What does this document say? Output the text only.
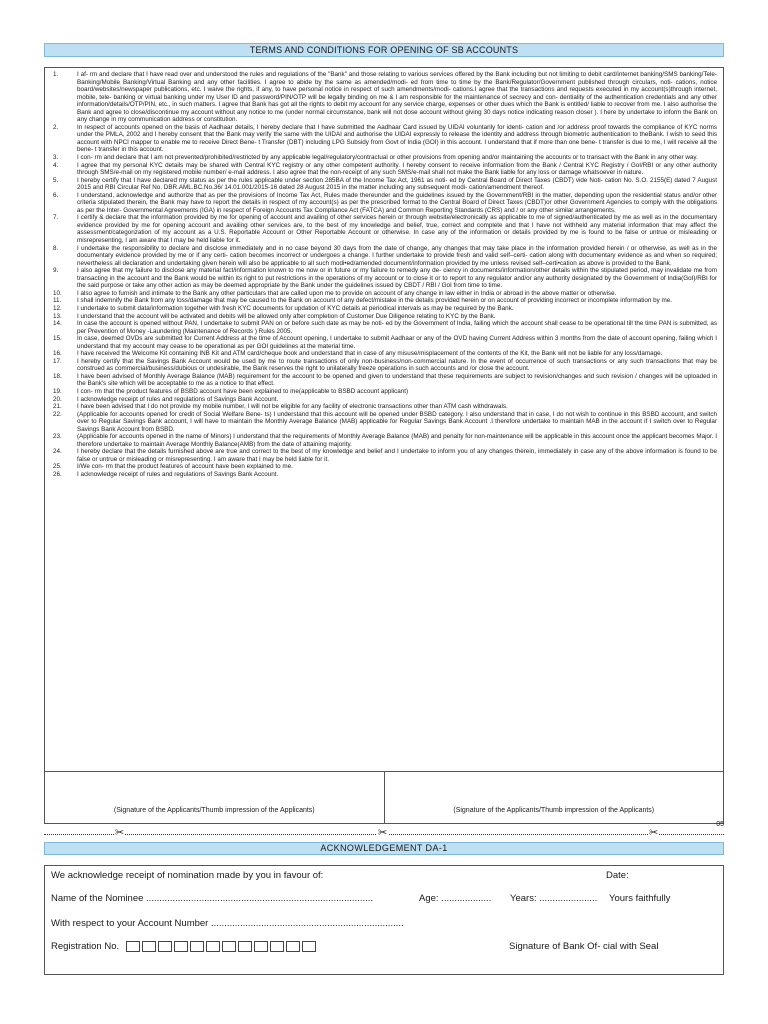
TERMS AND CONDITIONS FOR OPENING OF SB ACCOUNTS
1.	I af- rm and declare that I have read over and understood the rules and regulations of the "Bank" and those relating to various services offered by the Bank including but not limiting to debit card/internet banking/SMS banking/Tele-Banking/Mobile Banking/Virtual Banking and any other facilities. I agree to abide by the same as amended/modi- ed from time to time by the Bank/Regulator/Government published through circulars, noti- cations, notice board/websites/newspaper publications, etc. I waive the rights, if any, to have personal notice in respect of such amendments/modi- cations.I agree that the transactions and requests executed in my account(s)through internet, mobile, tele- banking or virtual banking under my User ID and password/PIN/OTP will be legally binding on me & I am responsible for the maintenance of secrecy and con- dentiality of the authentication credentials and any other information/details/OTP/PIN, etc., in such matters. I agree that Bank has got all the rights to debit my account for any service charge, expenses or other dues which the Bank is entitled/ liable to recover from me. I also authorise the Bank and agree to close/discontinue my account without any notice to me (under normal circumstance, bank will not dose account without giving 30 days notice indicating reason closer ). I here by undertake to inform the Bank on any change in my communication address or constitution.
2.	In respect of accounts opened on the basis of Aadhaar details, I hereby declare that I have submitted the Aadhaar Card issued by UIDAI voluntarily for identi- cation and /or address proof towards the compliance of KYC norms under the PMLA, 2002 and I hereby consent that the Bank may verify the same with the UIDAI and authorise the UIDAI expressly to release the identity and address through biometric authentication to theBank. I wish to seed this account with NPCI mapper to enable me to receive Direct Bene- t Transfer (DBT) including LPG Subsidy from Govt of India (GOI) in this account. I understand that if more than one bene- t transfer is due to me, I will receive all the bene- t transfer in this account.
3.	I con- rm and declare that I am not prevented/prohibited/restricted by any applicable legal/regulatory/contractual or other provisions from opening and/or maintaining the accounts or to transact with the Bank in any other way.
4.	I agree that my personal KYC details may be shared with Central KYC registry or any other competent authority. I hereby consent to receive information from the Bank / Central KYC Registry / GoI/RBI or any other authority through SMS/e-mail on my registered mobile number/ e-mail address. I also agree that the non-receipt of any such SMS/e-mail shall not make the Bank liable for any loss or damage whatsoever in nature.
5.	I hereby certify that I have declared my status as per the rules applicable under section 285BA of the Income Tax Act, 1961 as noti- ed by Central Board of Direct Taxes (CBDT) vide Noti- cation No. S.O. 2155(E) dated 7 August 2015 and RBI Circular Ref No. DBR.AML.BC.No.36/ 14.01.001/2015-16 dated 28 August 2015 in the matter including any subsequent modi- cation/amendment thereof.
6.	I understand, acknowledge and authorize that as per the provisions of Income Tax Act, Rules made thereunder and the guidelines issued by the Government/RBI in the matter, depending upon the residential status and/or other criteria stipulated therein, the Bank may have to report the details in respect of my account(s) as per the prescribed format to the Central Board of Direct Taxes (CBDT)or other Government Agencies to comply with the obligations as per the Inter- Governmental Agreements (IGA) in respect of Foreign Accounts Tax Compliance Act (FATCA) and Common Reporting Standards (CRS) and / or any other similar arrangements.
7.	I certify & declare that the information provided by me for opening of account and availing of other services herein or through website/electronically as applicable to me of signed/authenticated by me as well as in the documentary evidence provided by me for opening account and availing other services are, to the best of my knowledge and belief, true, correct and complete and that I have not withheld any material information that may affect the assessment/categorization of my account as a U.S. Reportable Account or Other Reportable Account or otherwise. In case any of the information or details provided by me is found to be false or untrue or misleading or misrepresenting, I am aware that I may be held liable for it.
8.	I undertake the responsibility to declare and disclose immediately and in no case beyond 30 days from the date of change, any changes that may take place in the information provided herein / or otherwise, as well as in the documentary evidence provided by me or if any certi- cation becomes incorrect or undergoes a change. I further undertake to provide fresh and valid self–certi- cation along with documentary evidence as and when so required; nevertheless all declaration and undertaking given herein will also be applicable to all such modi•ed/amended document/information provided by me unless revised self–certi•cation as above is provided to the Bank.
9.	I also agree that my failure to disclose any material fact/information known to me now or in future or my failure to remedy any de- ciency in documents/information/other details within the stipulated period, may invalidate me from transacting in the account and the Bank would be within its right to put restrictions in the operations of my account or to close it or to report to any regulator and/or any authority designated by the Government of India(GoI)/RBI for the said purpose or take any other action as may be deemed appropriate by the Bank under the guidelines issued by CBDT / RBI / GoI from time to time.
10.	I also agree to furnish and intimate to the Bank any other particulars that are called upon me to provide on account of any change in law either in India or abroad in the above matter or otherwise.
11.	I shall indemnify the Bank from any loss/damage that may be caused to the Bank on account of any defect/mistake in the details provided herein or on account of providing incorrect or incomplete information by me.
12.	I undertake to submit data/information together with fresh KYC documents for updation of KYC details at periodical intervals as may be required by the Bank.
13.	I understand that the account will be activated and debits will be allowed only after completion of Customer Due Diligence relating to KYC by the Bank.
14.	In case the account is opened without PAN, I undertake to submit PAN on or before such date as may be noti- ed by the Government of India, failing which the account shall cease to be operational till the time PAN is submitted, as per Prevention of Money -Laundering (Maintenance of Records ) Rules 2005.
15.	In case, deemed OVDs are submitted for Current Address at the time of Account opening, I undertake to submit Aadhaar or any of the OVD having Current Address within 3 months from the date of account opening, failing which I understand that my account may cease to be operational as per GOI guidelines at the material time.
16.	I have received the Welcome Kit containing INB Kit and ATM card/cheque book and understand that in case of any misuse/misplacement of the contents of the Kit, the Bank will not be liable for any loss/damage.
17.	I hereby certify that the Savings Bank Account would be used by me to route transactions of only non-business/non-commercial nature. In the event of occurrence of such transactions or any such transactions that may be construed as commercial/business/dubious or undesirable, the Bank reserves the right to unilaterally freeze operations in such accounts and /or close the account.
18.	I have been advised of Monthly Average Balance (MAB) requirement for the account to be opened and given to understand that these requirements are subject to revision/changes and such revision / changes will be uploaded in the Bank's site which will be acceptable to me as a notice to that effect.
19.	I con- rm that the product features of BSBD account have been explained to me(applicable to BSBD account applicant)
20.	I acknowledge receipt of rules and regulations of Savings Bank Account.
21.	I have been advised that I do not provide my mobile number, I will not be eligible for any facility of electronic transactions other than ATM cash withdrawals.
22.	(Applicable for accounts opened for credit of Social Welfare Bene- ts) I understand that this account will be opened under BSBD category. I also understand that in case, I do not wish to continue in this BSBD account, and switch over to Regular Savings Bank account, I will have to maintain the Monthly Average Balance (MAB) applicable for Regular Savings Bank Account .I therefore undertake to maintain MAB in the account if I switch over to Regular Savings Bank Account from BSBD.
23.	(Applicable for accounts opened in the name of Minors) I understand that the requirements of Monthly Average Balance (MAB) and penalty for non-maintenance will be applicable in this account once the applicant becomes Major. I therefore undertake to maintain Average Monthly Balance(AMB) from the date of attaining majority.
24.	I hereby declare that the details furnished above are true and correct to the best of my knowledge and belief and I undertake to inform you of any changes therein, immediately in case any of the above information is found to be false or untrue or misleading or misrepresenting. I am aware that I may be held liable for it.
25.	I/We con- rm that the product features of account have been explained to me.
26.	I acknowledge receipt of rules and regulations of Savings Bank Account.
(Signature of the Applicants/Thumb impression of the Applicants)	(Signature of the Applicants/Thumb impression of the Applicants)
✂	✂	✂
05
ACKNOWLEDGEMENT DA-1
We acknowledge receipt of nomination made by you in favour of:	Date:
Name of the Nominee ......................................................................................	Age: ................... Years: ...................... Yours faithfully
With respect to your Account Number .........................................................................
Registration No.	Signature of Bank Of- cial with Seal
